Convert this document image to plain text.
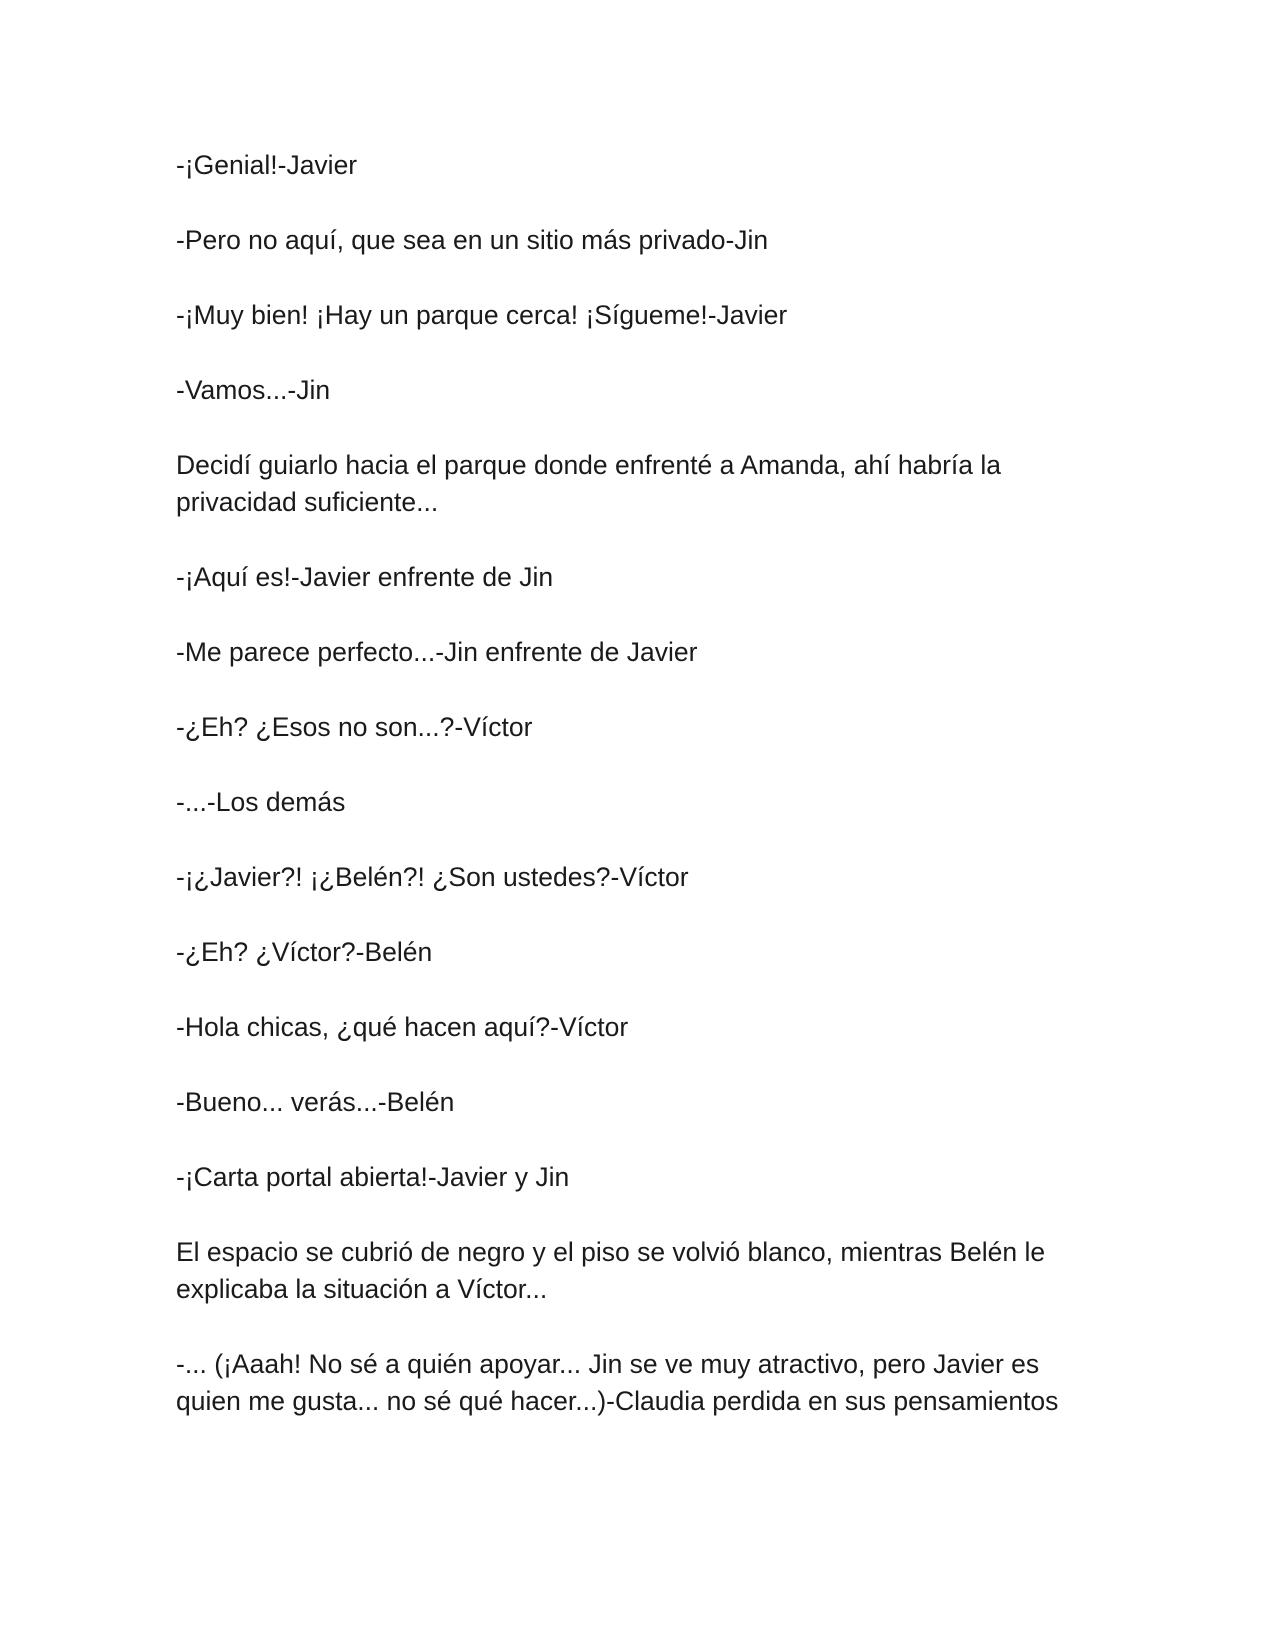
-¡Genial!-Javier

-Pero no aquí, que sea en un sitio más privado-Jin

-¡Muy bien! ¡Hay un parque cerca! ¡Sígueme!-Javier

-Vamos...-Jin

Decidí guiarlo hacia el parque donde enfrenté a Amanda, ahí habría la privacidad suficiente...

-¡Aquí es!-Javier enfrente de Jin

-Me parece perfecto...-Jin enfrente de Javier

-¿Eh? ¿Esos no son...?-Víctor

-...-Los demás

-¡¿Javier?! ¡¿Belén?! ¿Son ustedes?-Víctor

-¿Eh? ¿Víctor?-Belén

-Hola chicas, ¿qué hacen aquí?-Víctor

-Bueno... verás...-Belén

-¡Carta portal abierta!-Javier y Jin

El espacio se cubrió de negro y el piso se volvió blanco, mientras Belén le explicaba la situación a Víctor...

-... (¡Aaah! No sé a quién apoyar... Jin se ve muy atractivo, pero Javier es quien me gusta... no sé qué hacer...)-Claudia perdida en sus pensamientos
